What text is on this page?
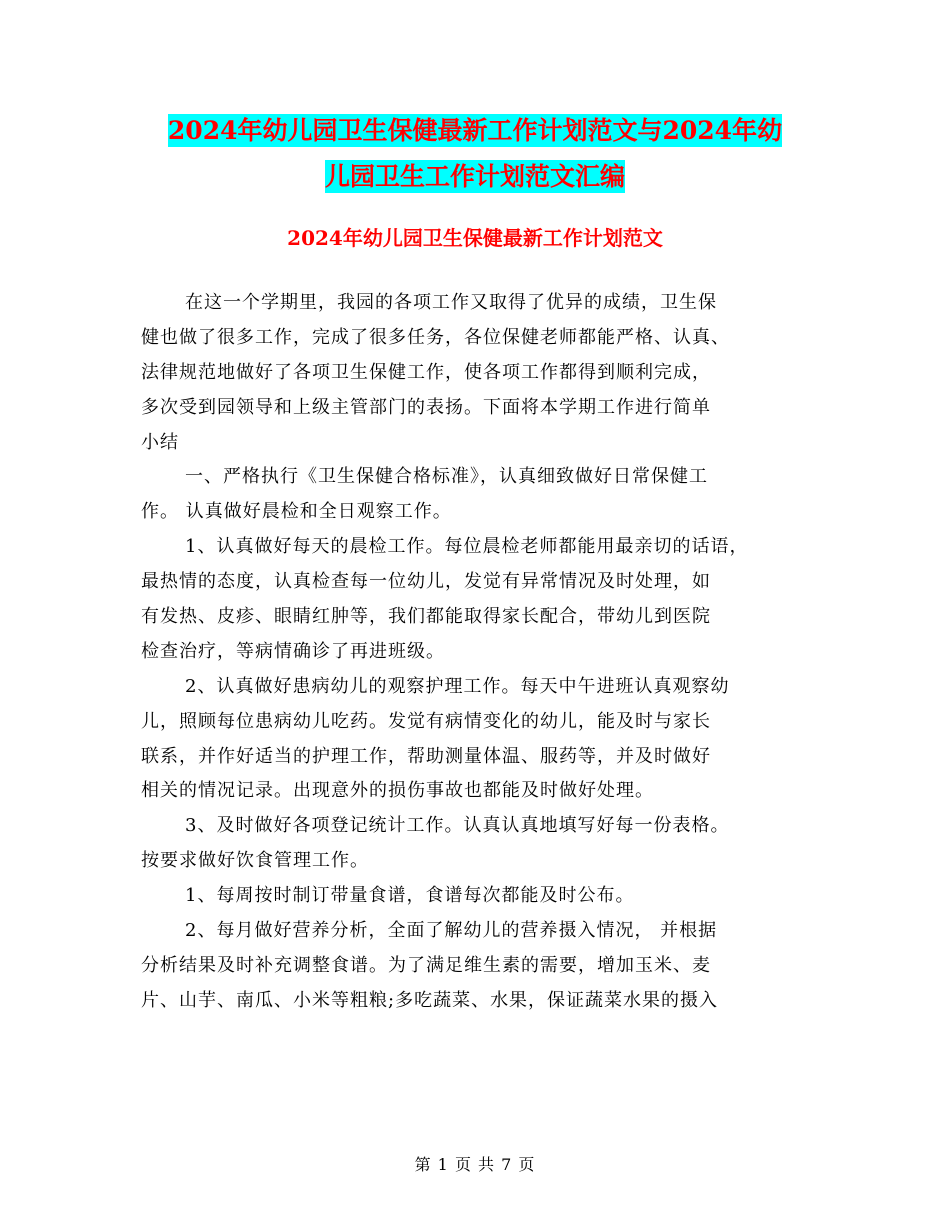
2024年幼儿园卫生保健最新工作计划范文与2024年幼
儿园卫生工作计划范文汇编
2024年幼儿园卫生保健最新工作计划范文
在这一个学期里，我园的各项工作又取得了优异的成绩，卫生保
健也做了很多工作，完成了很多任务，各位保健老师都能严格、认真、
法律规范地做好了各项卫生保健工作，使各项工作都得到顺利完成，
多次受到园领导和上级主管部门的表扬。下面将本学期工作进行简单
小结
一、严格执行《卫生保健合格标准》，认真细致做好日常保健工
作。 认真做好晨检和全日观察工作。
1、认真做好每天的晨检工作。每位晨检老师都能用最亲切的话语，
最热情的态度，认真检查每一位幼儿，发觉有异常情况及时处理，如
有发热、皮疹、眼睛红肿等，我们都能取得家长配合，带幼儿到医院
检查治疗，等病情确诊了再进班级。
2、认真做好患病幼儿的观察护理工作。每天中午进班认真观察幼
儿，照顾每位患病幼儿吃药。发觉有病情变化的幼儿，能及时与家长
联系，并作好适当的护理工作，帮助测量体温、服药等，并及时做好
相关的情况记录。出现意外的损伤事故也都能及时做好处理。
3、及时做好各项登记统计工作。认真认真地填写好每一份表格。
按要求做好饮食管理工作。
1、每周按时制订带量食谱，食谱每次都能及时公布。
2、每月做好营养分析，全面了解幼儿的营养摄入情况， 并根据
分析结果及时补充调整食谱。为了满足维生素的需要，增加玉米、麦
片、山芋、南瓜、小米等粗粮;多吃蔬菜、水果，保证蔬菜水果的摄入
第 1 页 共 7 页
